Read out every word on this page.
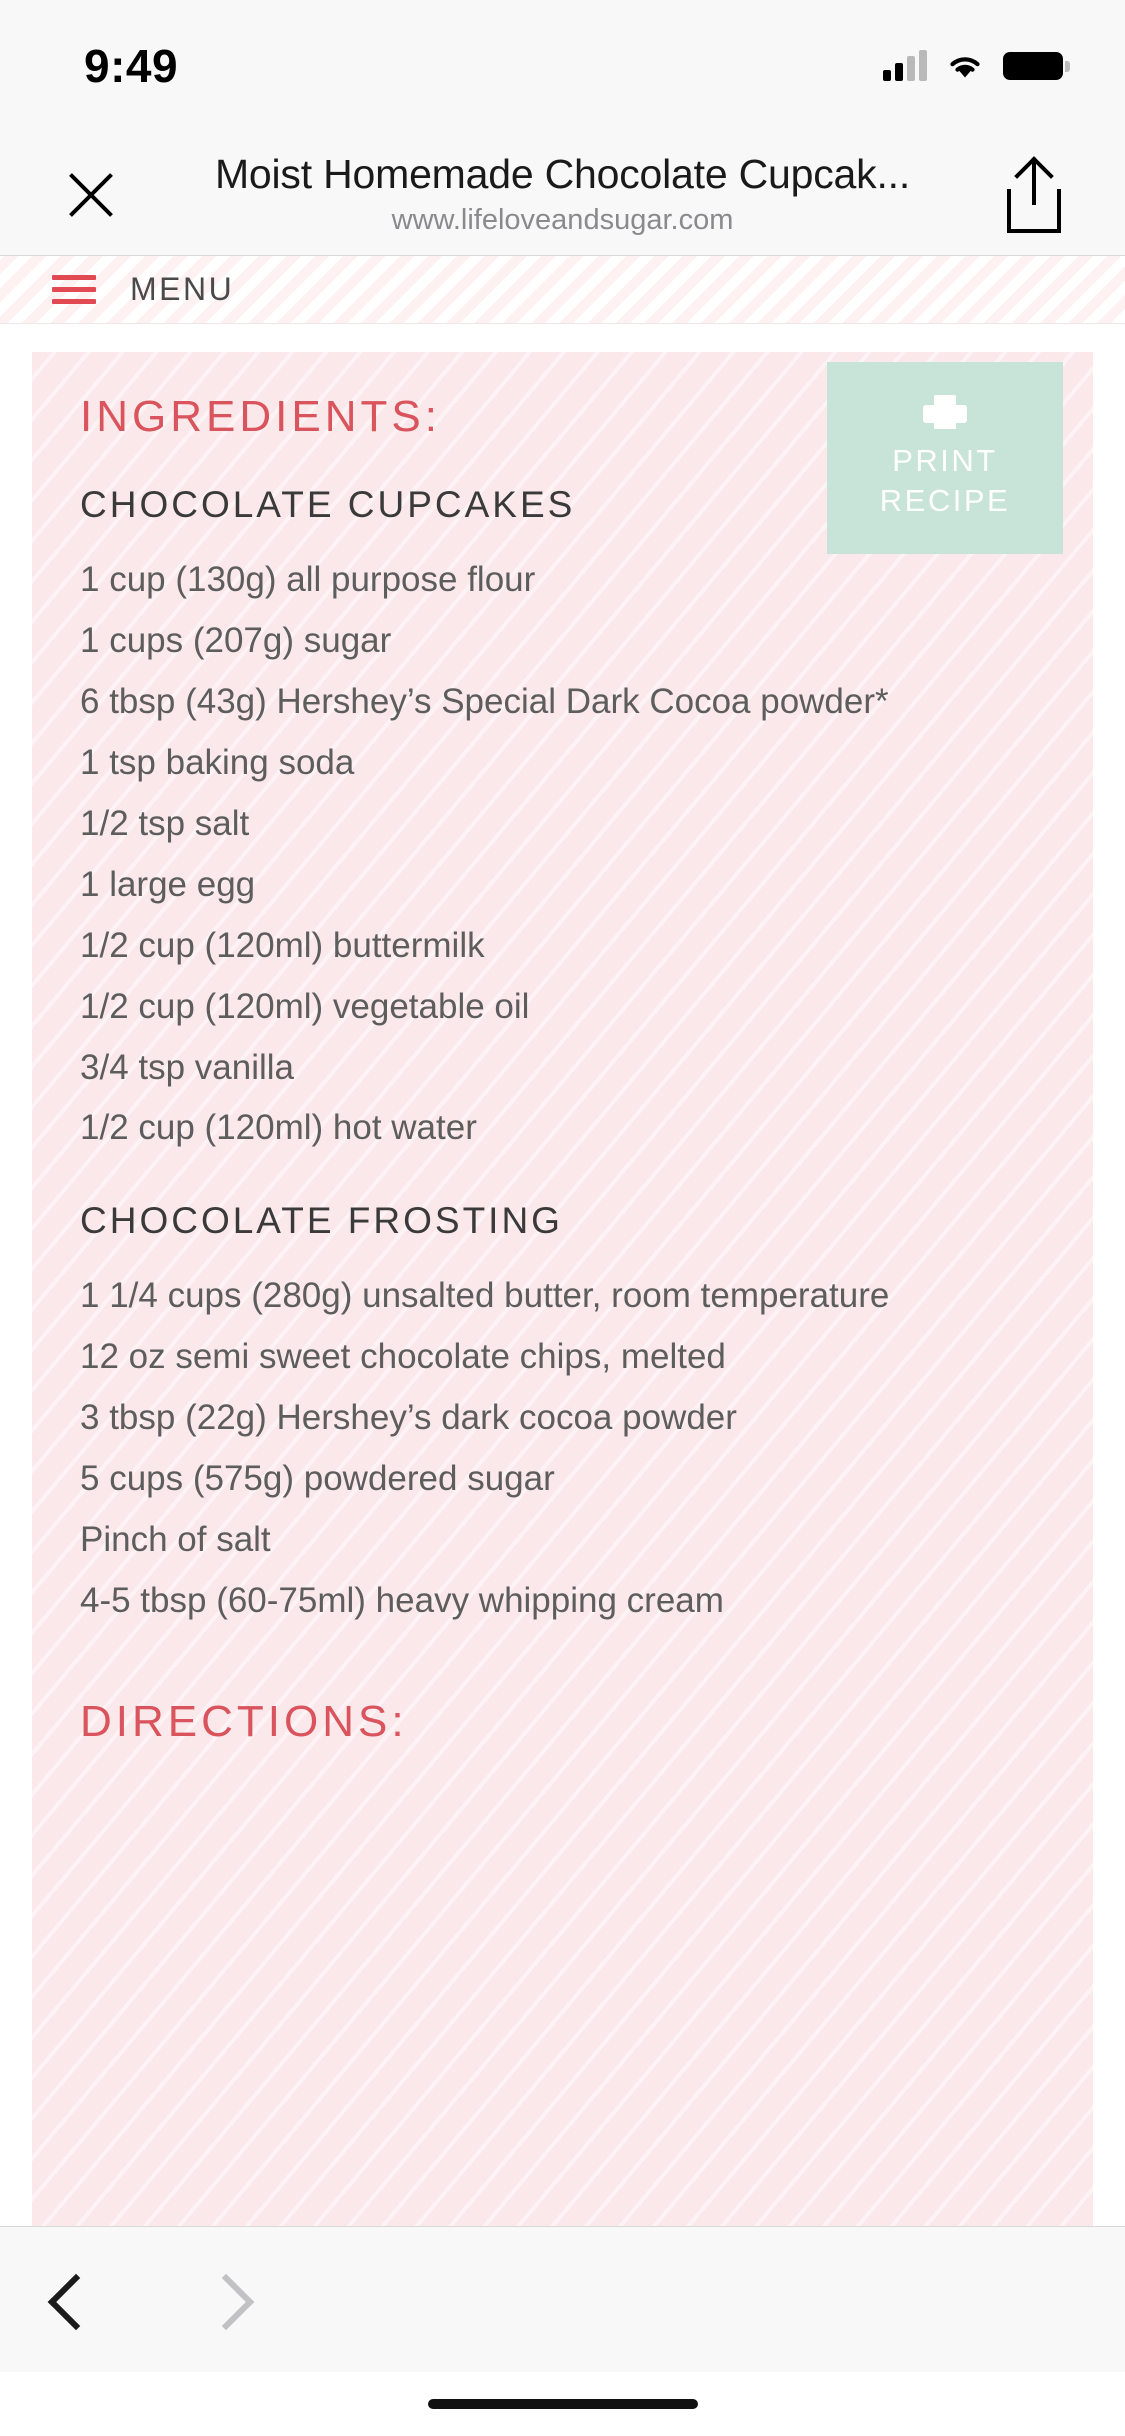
9:49
Moist Homemade Chocolate Cupcak...
www.lifeloveandsugar.com
MENU
PRINT
RECIPE
INGREDIENTS:
CHOCOLATE CUPCAKES
1 cup (130g) all purpose flour
1 cups (207g) sugar
6 tbsp (43g) Hershey’s Special Dark Cocoa powder*
1 tsp baking soda
1/2 tsp salt
1 large egg
1/2 cup (120ml) buttermilk
1/2 cup (120ml) vegetable oil
3/4 tsp vanilla
1/2 cup (120ml) hot water
CHOCOLATE FROSTING
1 1/4 cups (280g) unsalted butter, room temperature
12 oz semi sweet chocolate chips, melted
3 tbsp (22g) Hershey’s dark cocoa powder
5 cups (575g) powdered sugar
Pinch of salt
4-5 tbsp (60-75ml) heavy whipping cream
DIRECTIONS:
